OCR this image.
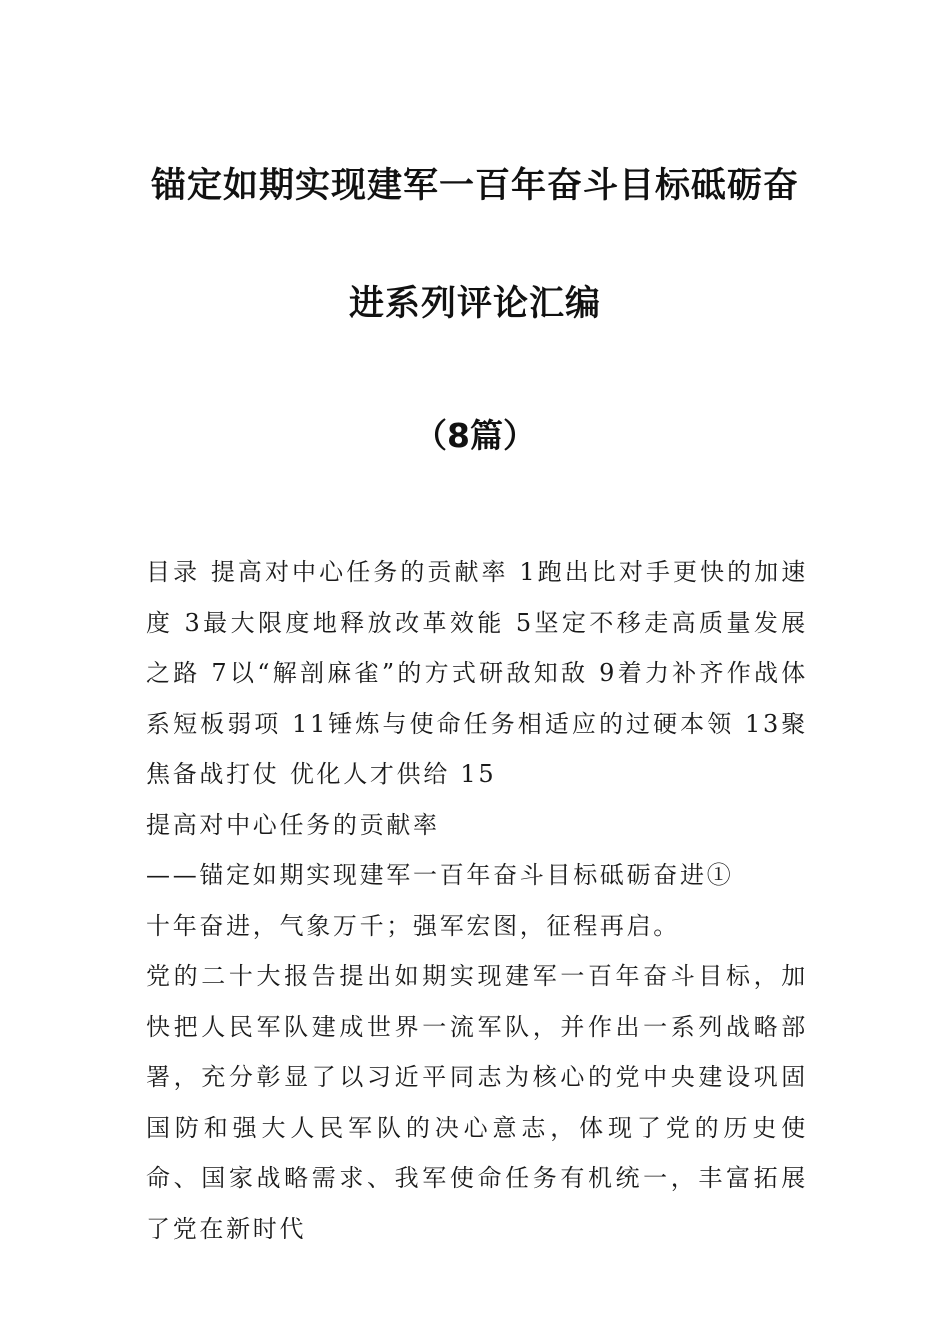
锚定如期实现建军一百年奋斗目标砥砺奋
进系列评论汇编
（8篇）

目录 提高对中心任务的贡献率 1跑出比对手更快的加速度 3最大限度地释放改革效能 5坚定不移走高质量发展之路 7以“解剖麻雀”的方式研敌知敌 9着力补齐作战体系短板弱项 11锤炼与使命任务相适应的过硬本领 13聚焦备战打仗 优化人才供给 15

提高对中心任务的贡献率

——锚定如期实现建军一百年奋斗目标砥砺奋进①

十年奋进，气象万千；强军宏图，征程再启。

党的二十大报告提出如期实现建军一百年奋斗目标，加快把人民军队建成世界一流军队，并作出一系列战略部署，充分彰显了以习近平同志为核心的党中央建设巩固国防和强大人民军队的决心意志，体现了党的历史使命、国家战略需求、我军使命任务有机统一，丰富拓展了党在新时代
